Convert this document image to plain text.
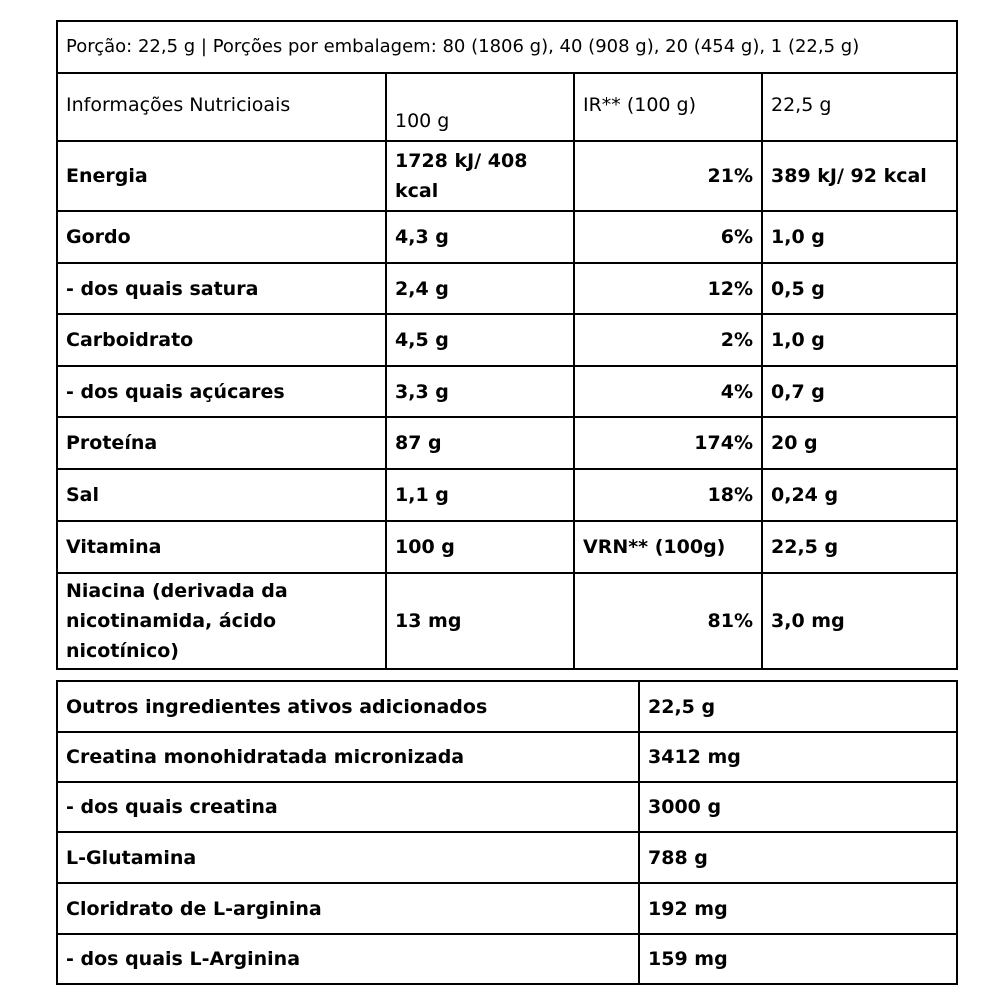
Porção: 22,5 g | Porções por embalagem: 80 (1806 g), 40 (908 g), 20 (454 g), 1 (22,5 g)			
Informações Nutricioais	100 g	IR** (100 g)	22,5 g
Energia	1728 kJ/ 408 kcal	21%	389 kJ/ 92 kcal
Gordo	4,3 g	6%	1,0 g
- dos quais satura	2,4 g	12%	0,5 g
Carboidrato	4,5 g	2%	1,0 g
- dos quais açúcares	3,3 g	4%	0,7 g
Proteína	87 g	174%	20 g
Sal	1,1 g	18%	0,24 g
Vitamina	100 g	VRN** (100g)	22,5 g
Niacina (derivada da nicotinamida, ácido nicotínico)	13 mg	81%	3,0 mg
Outros ingredientes ativos adicionados	22,5 g
Creatina monohidratada micronizada	3412 mg
- dos quais creatina	3000 g
L-Glutamina	788 g
Cloridrato de L-arginina	192 mg
- dos quais L-Arginina	159 mg
